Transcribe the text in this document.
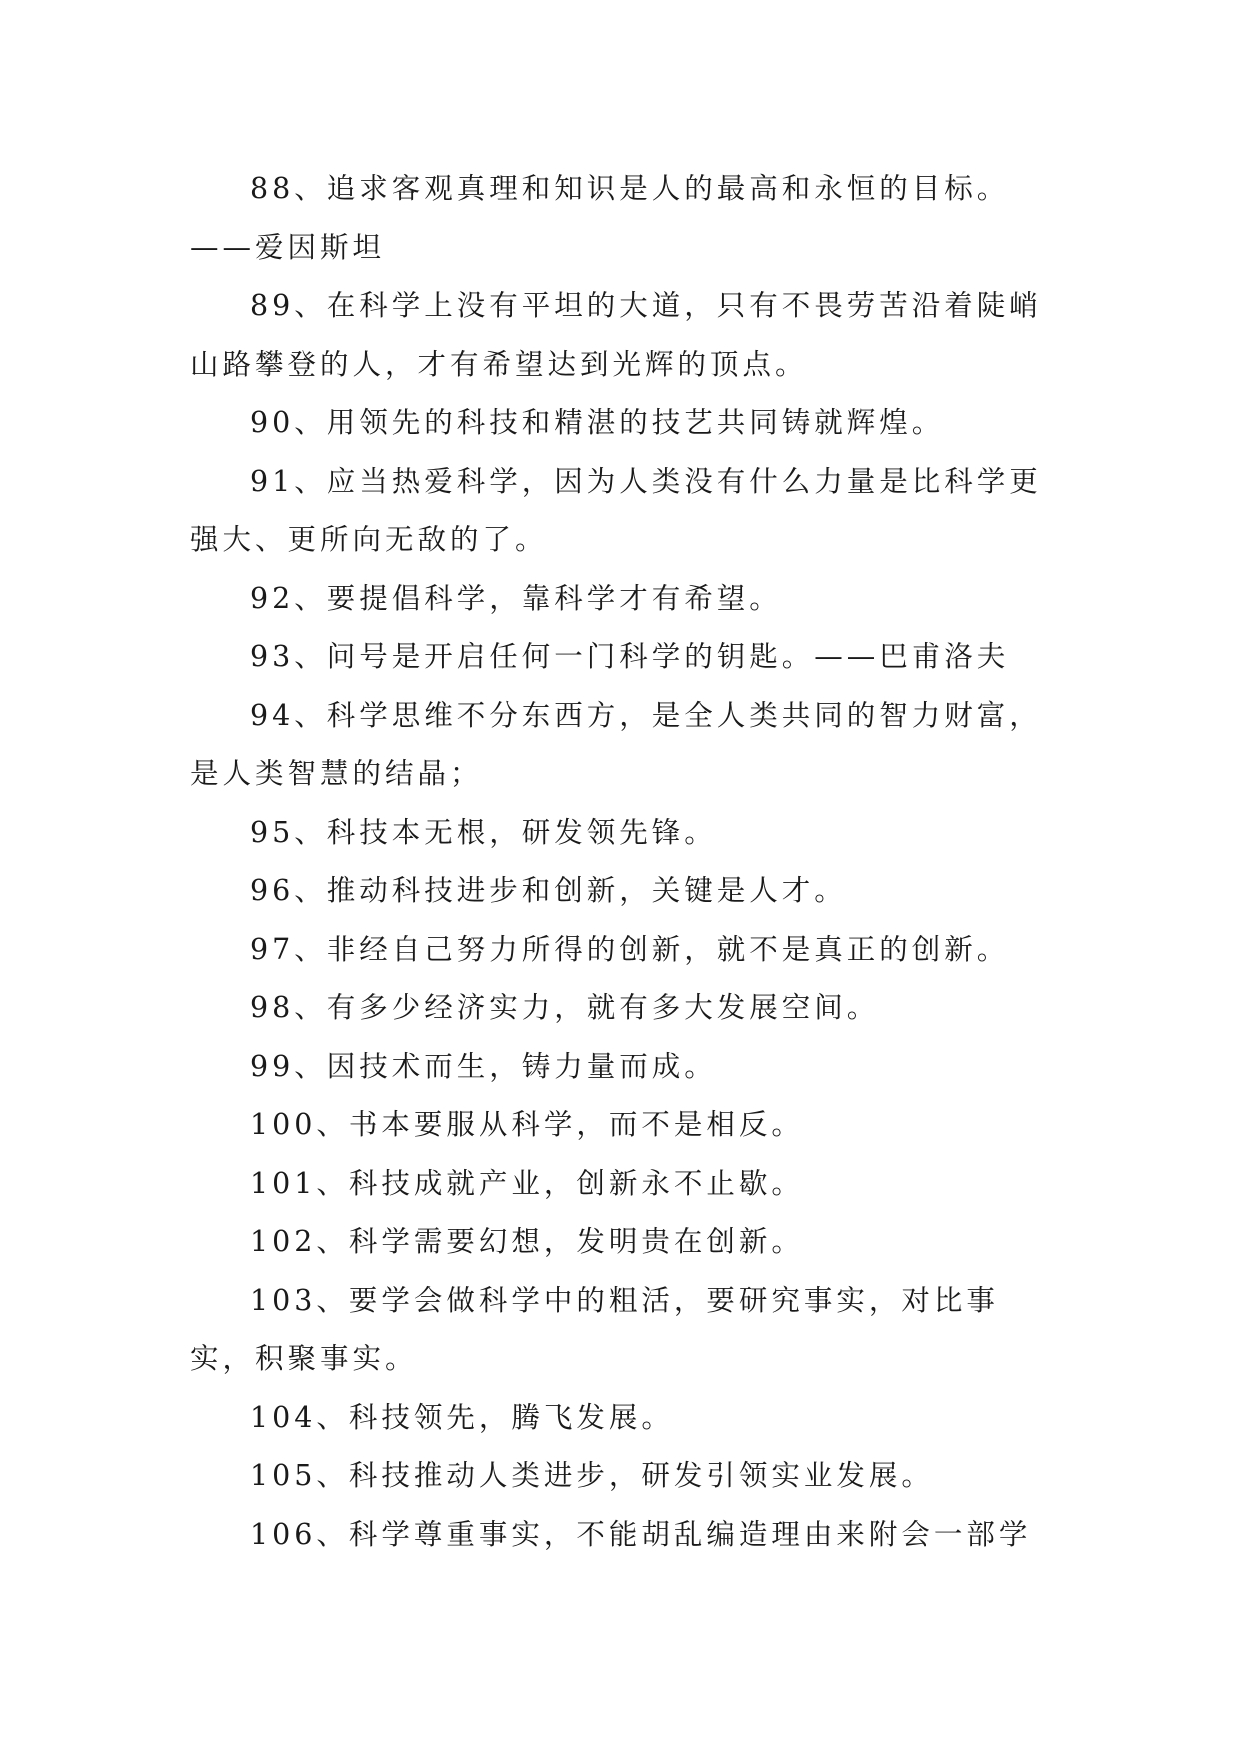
88、追求客观真理和知识是人的最高和永恒的目标。——爱因斯坦

89、在科学上没有平坦的大道，只有不畏劳苦沿着陡峭山路攀登的人，才有希望达到光辉的顶点。

90、用领先的科技和精湛的技艺共同铸就辉煌。

91、应当热爱科学，因为人类没有什么力量是比科学更强大、更所向无敌的了。

92、要提倡科学，靠科学才有希望。

93、问号是开启任何一门科学的钥匙。——巴甫洛夫

94、科学思维不分东西方，是全人类共同的智力财富，是人类智慧的结晶；

95、科技本无根，研发领先锋。

96、推动科技进步和创新，关键是人才。

97、非经自己努力所得的创新，就不是真正的创新。

98、有多少经济实力，就有多大发展空间。

99、因技术而生，铸力量而成。

100、书本要服从科学，而不是相反。

101、科技成就产业，创新永不止歇。

102、科学需要幻想，发明贵在创新。

103、要学会做科学中的粗活，要研究事实，对比事实，积聚事实。

104、科技领先，腾飞发展。

105、科技推动人类进步，研发引领实业发展。

106、科学尊重事实，不能胡乱编造理由来附会一部学
